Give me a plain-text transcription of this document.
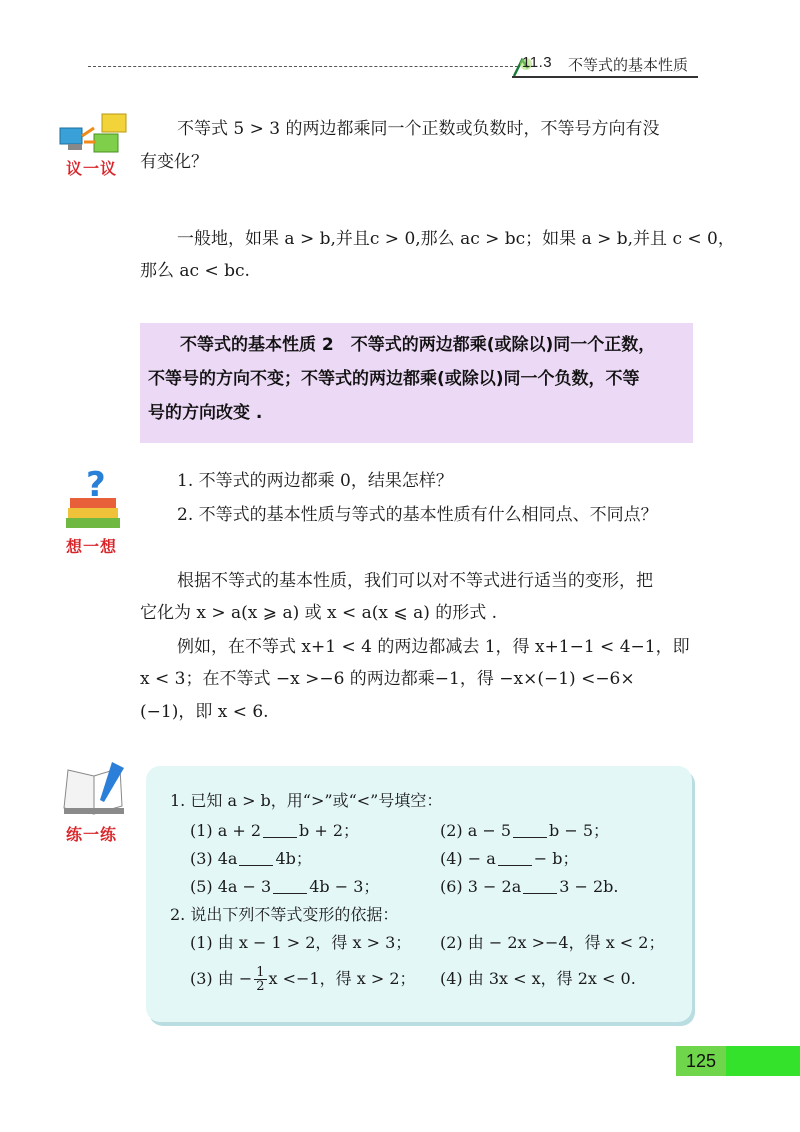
11.3 不等式的基本性质
议一议
不等式 5 > 3 的两边都乘同一个正数或负数时，不等号方向有没
有变化？
一般地，如果 a > b,并且c > 0,那么 ac > bc；如果 a > b,并且 c < 0，
那么 ac < bc.
不等式的基本性质 2　不等式的两边都乘(或除以)同一个正数，
不等号的方向不变；不等式的两边都乘(或除以)同一个负数，不等
号的方向改变 .
?
想一想
1. 不等式的两边都乘 0，结果怎样？
2. 不等式的基本性质与等式的基本性质有什么相同点、不同点？
根据不等式的基本性质，我们可以对不等式进行适当的变形，把
它化为 x > a(x ⩾ a) 或 x < a(x ⩽ a) 的形式 .
例如，在不等式 x+1 < 4 的两边都减去 1，得 x+1−1 < 4−1，即
x < 3；在不等式 −x >−6 的两边都乘−1，得 −x×(−1) <−6×
(−1)，即 x < 6.
练一练
1. 已知 a > b，用“>”或“<”号填空：
(1) a + 2 b + 2；	(2) a − 5 b − 5；
(3) 4a 4b；	(4) − a − b；
(5) 4a − 3 4b − 3；	(6) 3 − 2a 3 − 2b.
2. 说出下列不等式变形的依据：
(1) 由 x − 1 > 2，得 x > 3； (2) 由 − 2x >−4，得 x < 2；
(3) 由 − $\frac{1}{2}$ x <−1，得 x > 2； (4) 由 3x < x，得 2x < 0.
125
